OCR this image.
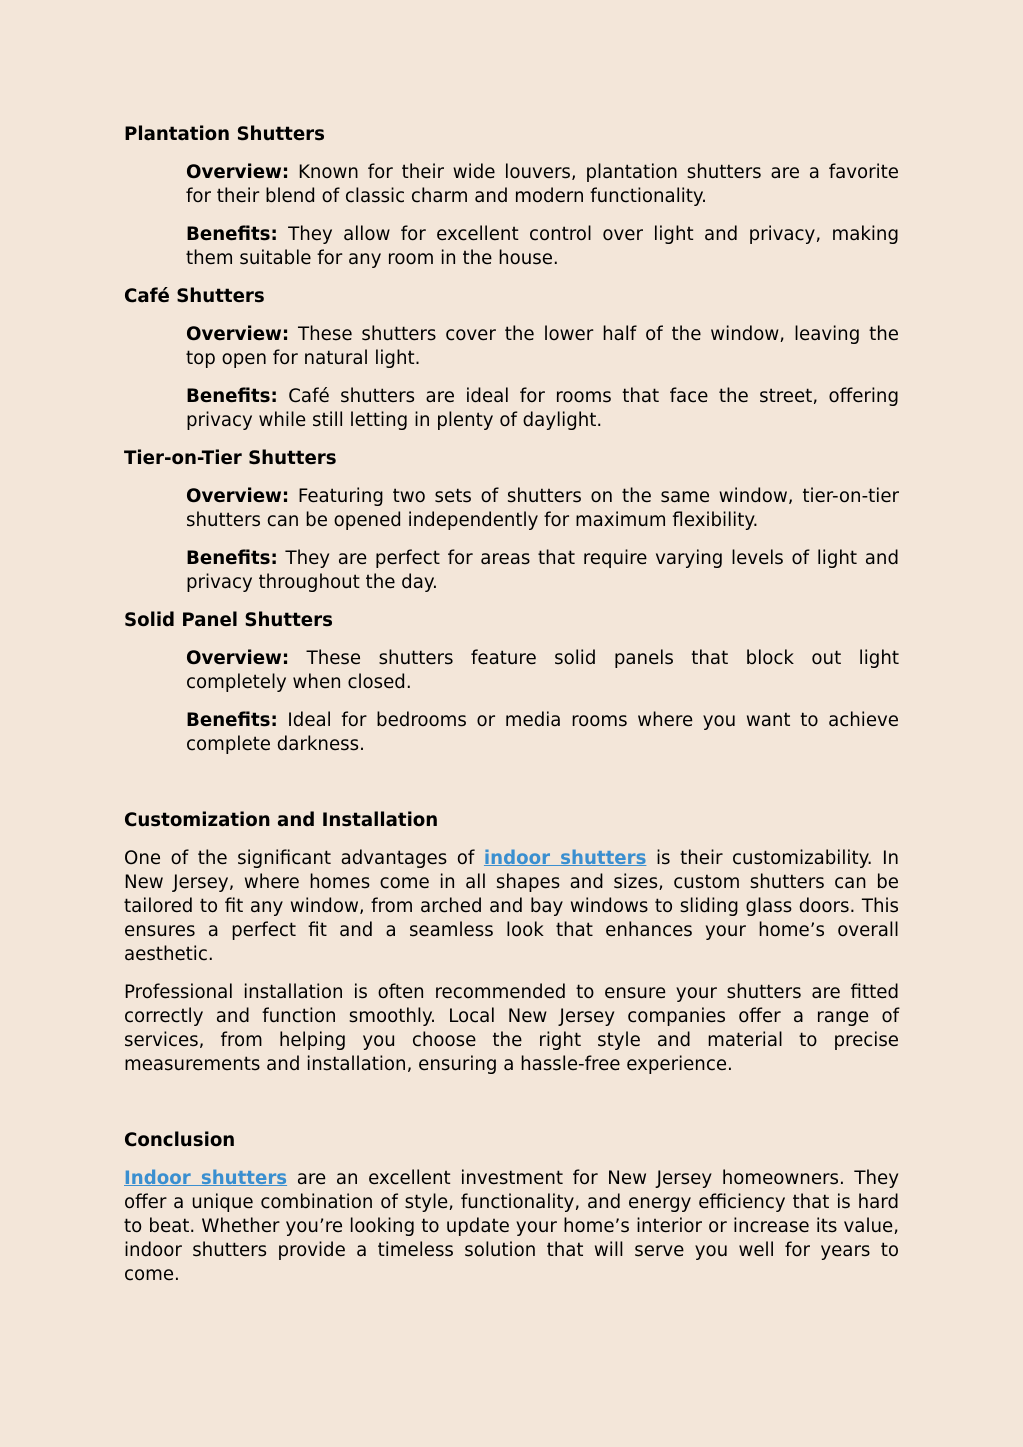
Plantation Shutters
Overview: Known for their wide louvers, plantation shutters are a favorite for their blend of classic charm and modern functionality.
Benefits: They allow for excellent control over light and privacy, making them suitable for any room in the house.
Café Shutters
Overview: These shutters cover the lower half of the window, leaving the top open for natural light.
Benefits: Café shutters are ideal for rooms that face the street, offering privacy while still letting in plenty of daylight.
Tier-on-Tier Shutters
Overview: Featuring two sets of shutters on the same window, tier-on-tier shutters can be opened independently for maximum flexibility.
Benefits: They are perfect for areas that require varying levels of light and privacy throughout the day.
Solid Panel Shutters
Overview: These shutters feature solid panels that block out light completely when closed.
Benefits: Ideal for bedrooms or media rooms where you want to achieve complete darkness.
Customization and Installation
One of the significant advantages of indoor shutters is their customizability. In New Jersey, where homes come in all shapes and sizes, custom shutters can be tailored to fit any window, from arched and bay windows to sliding glass doors. This ensures a perfect fit and a seamless look that enhances your home’s overall aesthetic.
Professional installation is often recommended to ensure your shutters are fitted correctly and function smoothly. Local New Jersey companies offer a range of services, from helping you choose the right style and material to precise measurements and installation, ensuring a hassle-free experience.
Conclusion
Indoor shutters are an excellent investment for New Jersey homeowners. They offer a unique combination of style, functionality, and energy efficiency that is hard to beat. Whether you’re looking to update your home’s interior or increase its value, indoor shutters provide a timeless solution that will serve you well for years to come.
